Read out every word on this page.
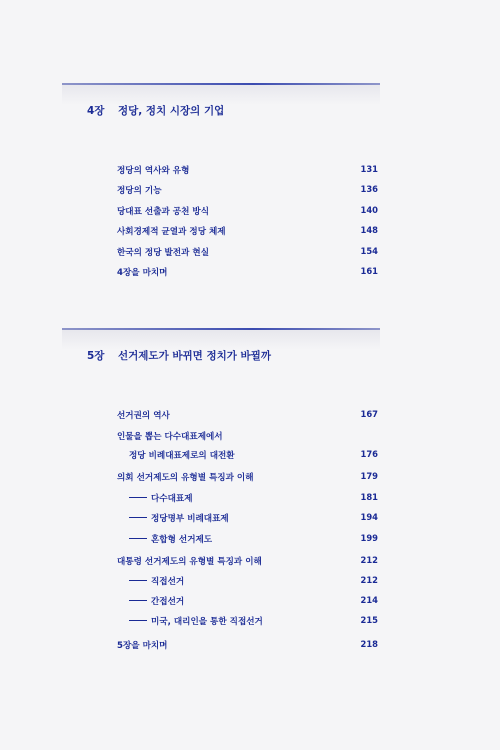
4장 정당, 정치 시장의 기업
정당의 역사와 유형	131
정당의 기능	136
당대표 선출과 공천 방식	140
사회경제적 균열과 정당 체제	148
한국의 정당 발전과 현실	154
4장을 마치며	161
5장 선거제도가 바뀌면 정치가 바뀔까
선거권의 역사	167
인물을 뽑는 다수대표제에서
정당 비례대표제로의 대전환	176
의회 선거제도의 유형별 특징과 이해	179
다수대표제	181
정당명부 비례대표제	194
혼합형 선거제도	199
대통령 선거제도의 유형별 특징과 이해	212
직접선거	212
간접선거	214
미국, 대리인을 통한 직접선거	215
5장을 마치며	218
